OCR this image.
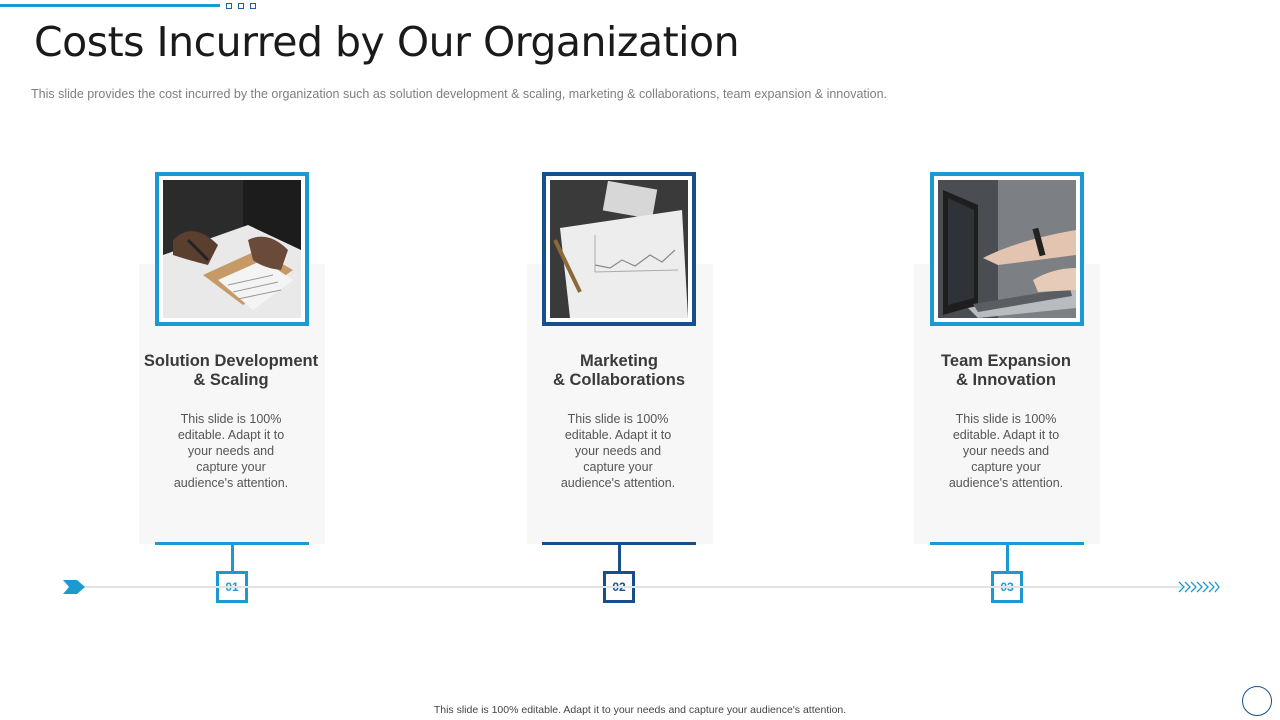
Costs Incurred by Our Organization
This slide provides the cost incurred by the organization such as solution development & scaling, marketing & collaborations, team expansion & innovation.
Solution Development
& Scaling
This slide is 100%
editable. Adapt it to
your needs and
capture your
audience's attention.
Marketing
& Collaborations
This slide is 100%
editable. Adapt it to
your needs and
capture your
audience's attention.
Team Expansion
& Innovation
This slide is 100%
editable. Adapt it to
your needs and
capture your
audience's attention.
This slide is 100% editable. Adapt it to your needs and capture your audience's attention.
